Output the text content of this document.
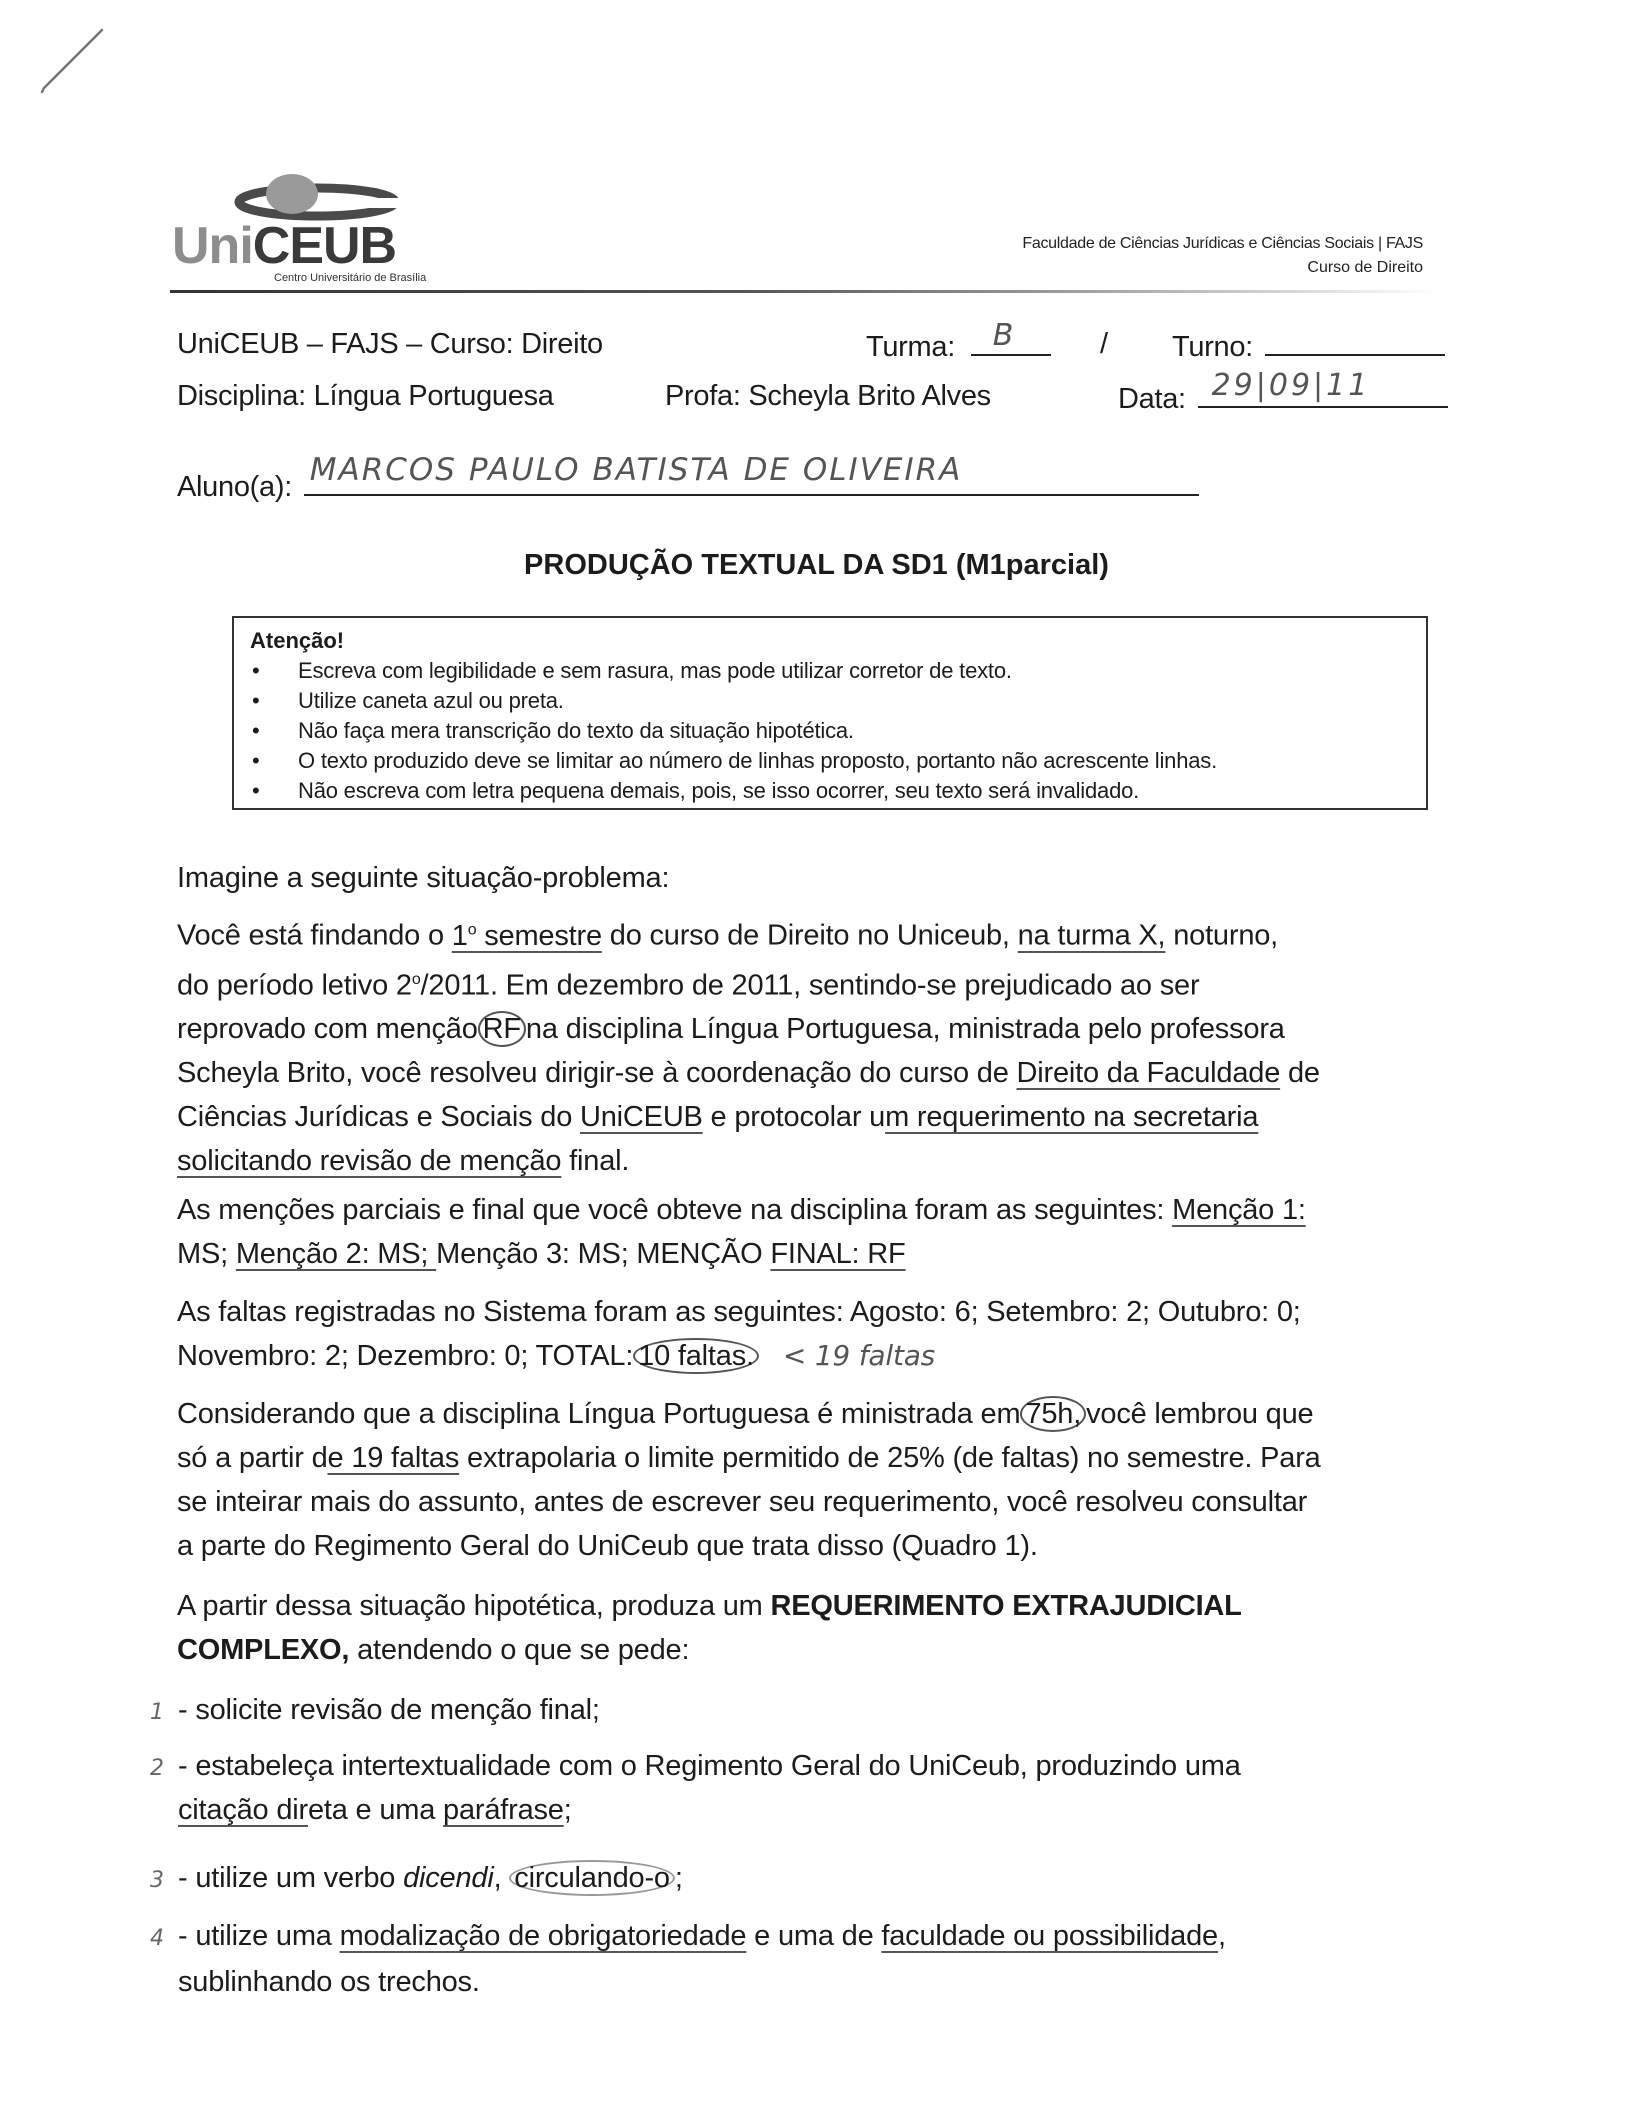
UniCEUB
Centro Universitário de Brasília
Faculdade de Ciências Jurídicas e Ciências Sociais | FAJS
Curso de Direito
UniCEUB – FAJS – Curso: Direito	Turma: B	/ Turno:
Disciplina: Língua Portuguesa	Profa: Scheyla Brito Alves	Data: 29|09|11
Aluno(a): MARCOS PAULO BATISTA DE OLIVEIRA
PRODUÇÃO TEXTUAL DA SD1 (M1parcial)
Atenção!
• Escreva com legibilidade e sem rasura, mas pode utilizar corretor de texto.
• Utilize caneta azul ou preta.
• Não faça mera transcrição do texto da situação hipotética.
• O texto produzido deve se limitar ao número de linhas proposto, portanto não acrescente linhas.
• Não escreva com letra pequena demais, pois, se isso ocorrer, seu texto será invalidado.
Imagine a seguinte situação-problema:

Você está findando o 1$^o$ semestre do curso de Direito no Uniceub, na turma X, noturno,

do período letivo 2$^o$/2011. Em dezembro de 2011, sentindo-se prejudicado ao ser

reprovado com menção RF na disciplina Língua Portuguesa, ministrada pelo professora

Scheyla Brito, você resolveu dirigir-se à coordenação do curso de Direito da Faculdade de

Ciências Jurídicas e Sociais do UniCEUB e protocolar um requerimento na secretaria

solicitando revisão de menção final.

As menções parciais e final que você obteve na disciplina foram as seguintes: Menção 1:

MS; Menção 2: MS; Menção 3: MS; MENÇÃO FINAL: RF

As faltas registradas no Sistema foram as seguintes: Agosto: 6; Setembro: 2; Outubro: 0;

Novembro: 2; Dezembro: 0; TOTAL: 10 faltas. < 19 faltas

Considerando que a disciplina Língua Portuguesa é ministrada em 75h, você lembrou que

só a partir de 19 faltas extrapolaria o limite permitido de 25% (de faltas) no semestre. Para

se inteirar mais do assunto, antes de escrever seu requerimento, você resolveu consultar

a parte do Regimento Geral do UniCeub que trata disso (Quadro 1).

A partir dessa situação hipotética, produza um REQUERIMENTO EXTRAJUDICIAL

COMPLEXO, atendendo o que se pede:

1 - solicite revisão de menção final;
2 - estabeleça intertextualidade com o Regimento Geral do UniCeub, produzindo uma
citação direta e uma paráfrase;
3 - utilize um verbo dicendi, circulando-o ;
4 - utilize uma modalização de obrigatoriedade e uma de faculdade ou possibilidade,
sublinhando os trechos.
